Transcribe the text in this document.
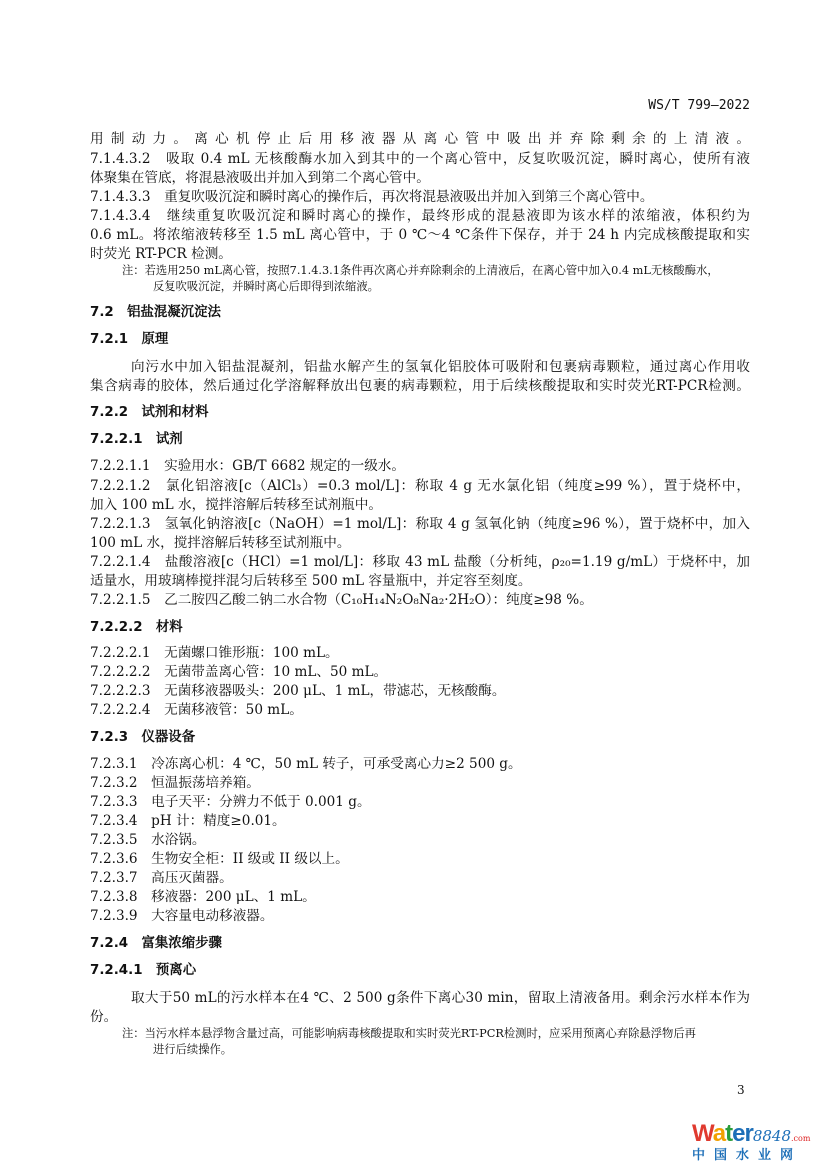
WS/T 799—2022
用制动力。离心机停止后用移液器从离心管中吸出并弃除剩余的上清液。
7.1.4.3.2　吸取 0.4 mL 无核酸酶水加入到其中的一个离心管中，反复吹吸沉淀，瞬时离心，使所有液
体聚集在管底，将混悬液吸出并加入到第二个离心管中。
7.1.4.3.3　重复吹吸沉淀和瞬时离心的操作后，再次将混悬液吸出并加入到第三个离心管中。
7.1.4.3.4　继续重复吹吸沉淀和瞬时离心的操作，最终形成的混悬液即为该水样的浓缩液，体积约为
0.6 mL。将浓缩液转移至 1.5 mL 离心管中，于 0 ℃～4 ℃条件下保存，并于 24 h 内完成核酸提取和实
时荧光 RT-PCR 检测。
注：若选用250 mL离心管，按照7.1.4.3.1条件再次离心并弃除剩余的上清液后，在离心管中加入0.4 mL无核酸酶水，
反复吹吸沉淀，并瞬时离心后即得到浓缩液。
7.2　铝盐混凝沉淀法
7.2.1　原理
向污水中加入铝盐混凝剂，铝盐水解产生的氢氧化铝胶体可吸附和包裹病毒颗粒，通过离心作用收
集含病毒的胶体，然后通过化学溶解释放出包裹的病毒颗粒，用于后续核酸提取和实时荧光RT-PCR检测。
7.2.2　试剂和材料
7.2.2.1　试剂
7.2.2.1.1　实验用水：GB/T 6682 规定的一级水。
7.2.2.1.2　氯化铝溶液[c（AlCl₃）=0.3 mol/L]：称取 4 g 无水氯化铝（纯度≥99 %），置于烧杯中，
加入 100 mL 水，搅拌溶解后转移至试剂瓶中。
7.2.2.1.3　氢氧化钠溶液[c（NaOH）=1 mol/L]：称取 4 g 氢氧化钠（纯度≥96 %），置于烧杯中，加入
100 mL 水，搅拌溶解后转移至试剂瓶中。
7.2.2.1.4　盐酸溶液[c（HCl）=1 mol/L]：移取 43 mL 盐酸（分析纯，ρ₂₀=1.19 g/mL）于烧杯中，加
适量水，用玻璃棒搅拌混匀后转移至 500 mL 容量瓶中，并定容至刻度。
7.2.2.1.5　乙二胺四乙酸二钠二水合物（C₁₀H₁₄N₂O₈Na₂·2H₂O）：纯度≥98 %。
7.2.2.2　材料
7.2.2.2.1　无菌螺口锥形瓶：100 mL。
7.2.2.2.2　无菌带盖离心管：10 mL、50 mL。
7.2.2.2.3　无菌移液器吸头：200 μL、1 mL，带滤芯，无核酸酶。
7.2.2.2.4　无菌移液管：50 mL。
7.2.3　仪器设备
7.2.3.1　冷冻离心机：4 ℃，50 mL 转子，可承受离心力≥2 500 g。
7.2.3.2　恒温振荡培养箱。
7.2.3.3　电子天平：分辨力不低于 0.001 g。
7.2.3.4　pH 计：精度≥0.01。
7.2.3.5　水浴锅。
7.2.3.6　生物安全柜：II 级或 II 级以上。
7.2.3.7　高压灭菌器。
7.2.3.8　移液器：200 μL、1 mL。
7.2.3.9　大容量电动移液器。
7.2.4　富集浓缩步骤
7.2.4.1　预离心
取大于50 mL的污水样本在4 ℃、2 500 g条件下离心30 min，留取上清液备用。剩余污水样本作为
份。
注：当污水样本悬浮物含量过高，可能影响病毒核酸提取和实时荧光RT-PCR检测时，应采用预离心弃除悬浮物后再
进行后续操作。
3
Water8848.com
中国水业网
